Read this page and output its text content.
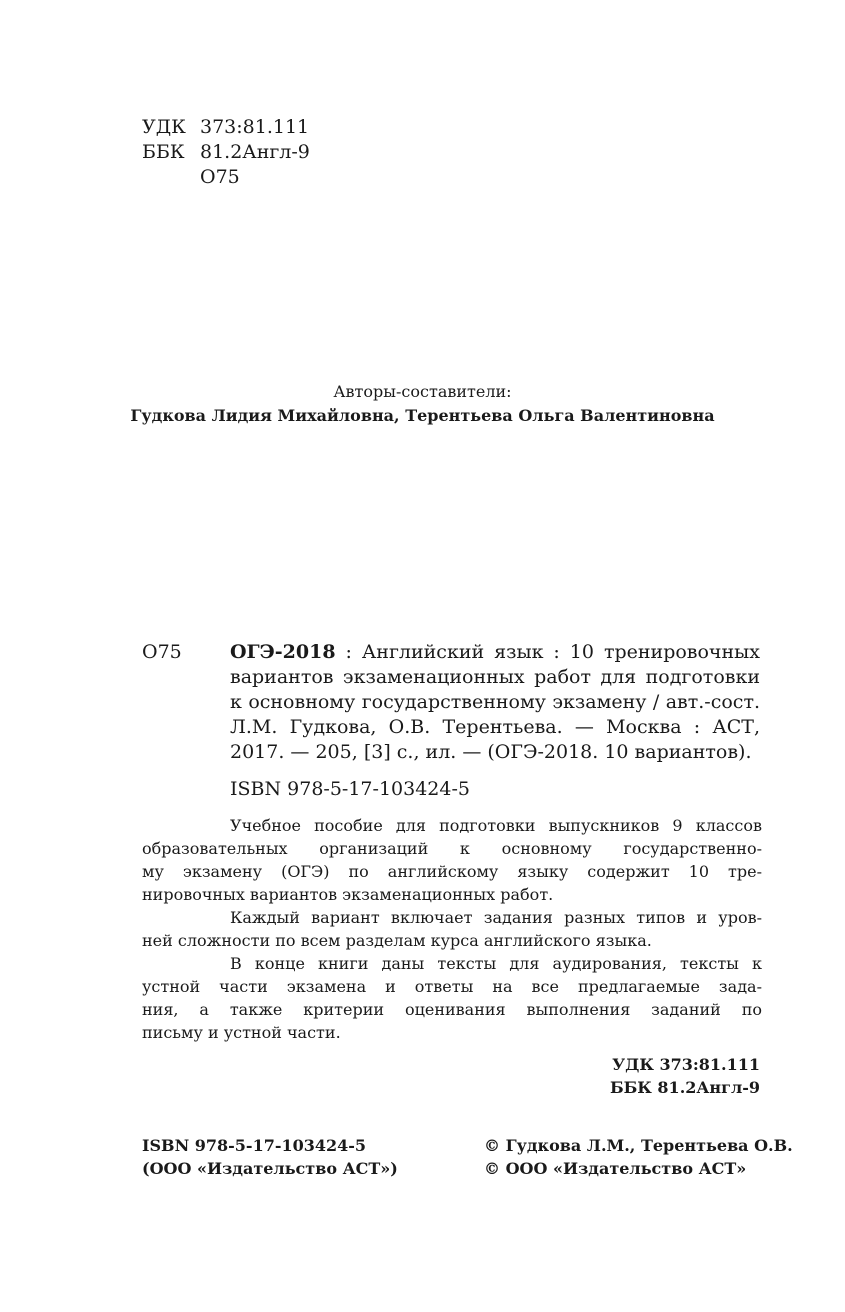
УДК 373:81.111
ББК 81.2Англ-9
О75
Авторы-составители:
Гудкова Лидия Михайловна, Терентьева Ольга Валентиновна
О75	ОГЭ-2018 : Английский язык : 10 тренировочных
вариантов экзаменационных работ для подготовки
к основному государственному экзамену / авт.-сост.
Л.М. Гудкова, О.В. Терентьева. — Москва : АСТ,
2017. — 205, [3] с., ил. — (ОГЭ-2018. 10 вариантов).
ISBN 978-5-17-103424-5
Учебное пособие для подготовки выпускников 9 классов
образовательных организаций к основному государственно-
му экзамену (ОГЭ) по английскому языку содержит 10 тре-
нировочных вариантов экзаменационных работ.
Каждый вариант включает задания разных типов и уров-
ней сложности по всем разделам курса английского языка.
В конце книги даны тексты для аудирования, тексты к
устной части экзамена и ответы на все предлагаемые зада-
ния, а также критерии оценивания выполнения заданий по
письму и устной части.
УДК 373:81.111
ББК 81.2Англ-9
ISBN 978-5-17-103424-5
(ООО «Издательство АСТ»)
© Гудкова Л.М., Терентьева О.В.
© ООО «Издательство АСТ»
